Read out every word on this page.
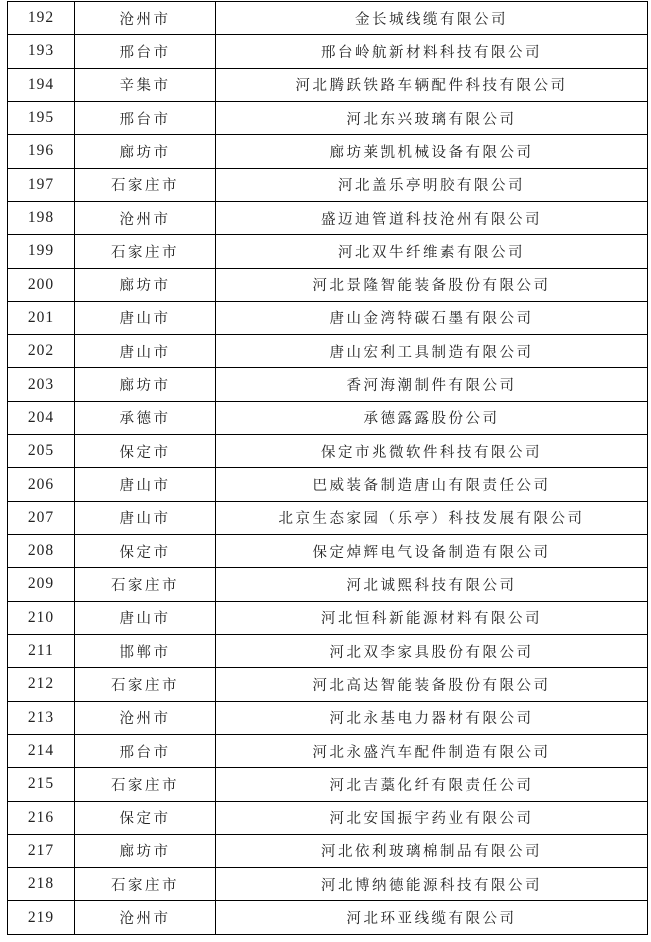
192	沧州市	金长城线缆有限公司
193	邢台市	邢台岭航新材料科技有限公司
194	辛集市	河北腾跃铁路车辆配件科技有限公司
195	邢台市	河北东兴玻璃有限公司
196	廊坊市	廊坊莱凯机械设备有限公司
197	石家庄市	河北盖乐亭明胶有限公司
198	沧州市	盛迈迪管道科技沧州有限公司
199	石家庄市	河北双牛纤维素有限公司
200	廊坊市	河北景隆智能装备股份有限公司
201	唐山市	唐山金湾特碳石墨有限公司
202	唐山市	唐山宏利工具制造有限公司
203	廊坊市	香河海潮制件有限公司
204	承德市	承德露露股份公司
205	保定市	保定市兆微软件科技有限公司
206	唐山市	巴威装备制造唐山有限责任公司
207	唐山市	北京生态家园（乐亭）科技发展有限公司
208	保定市	保定焯辉电气设备制造有限公司
209	石家庄市	河北诚熙科技有限公司
210	唐山市	河北恒科新能源材料有限公司
211	邯郸市	河北双李家具股份有限公司
212	石家庄市	河北高达智能装备股份有限公司
213	沧州市	河北永基电力器材有限公司
214	邢台市	河北永盛汽车配件制造有限公司
215	石家庄市	河北吉藁化纤有限责任公司
216	保定市	河北安国振宇药业有限公司
217	廊坊市	河北依利玻璃棉制品有限公司
218	石家庄市	河北博纳德能源科技有限公司
219	沧州市	河北环亚线缆有限公司
